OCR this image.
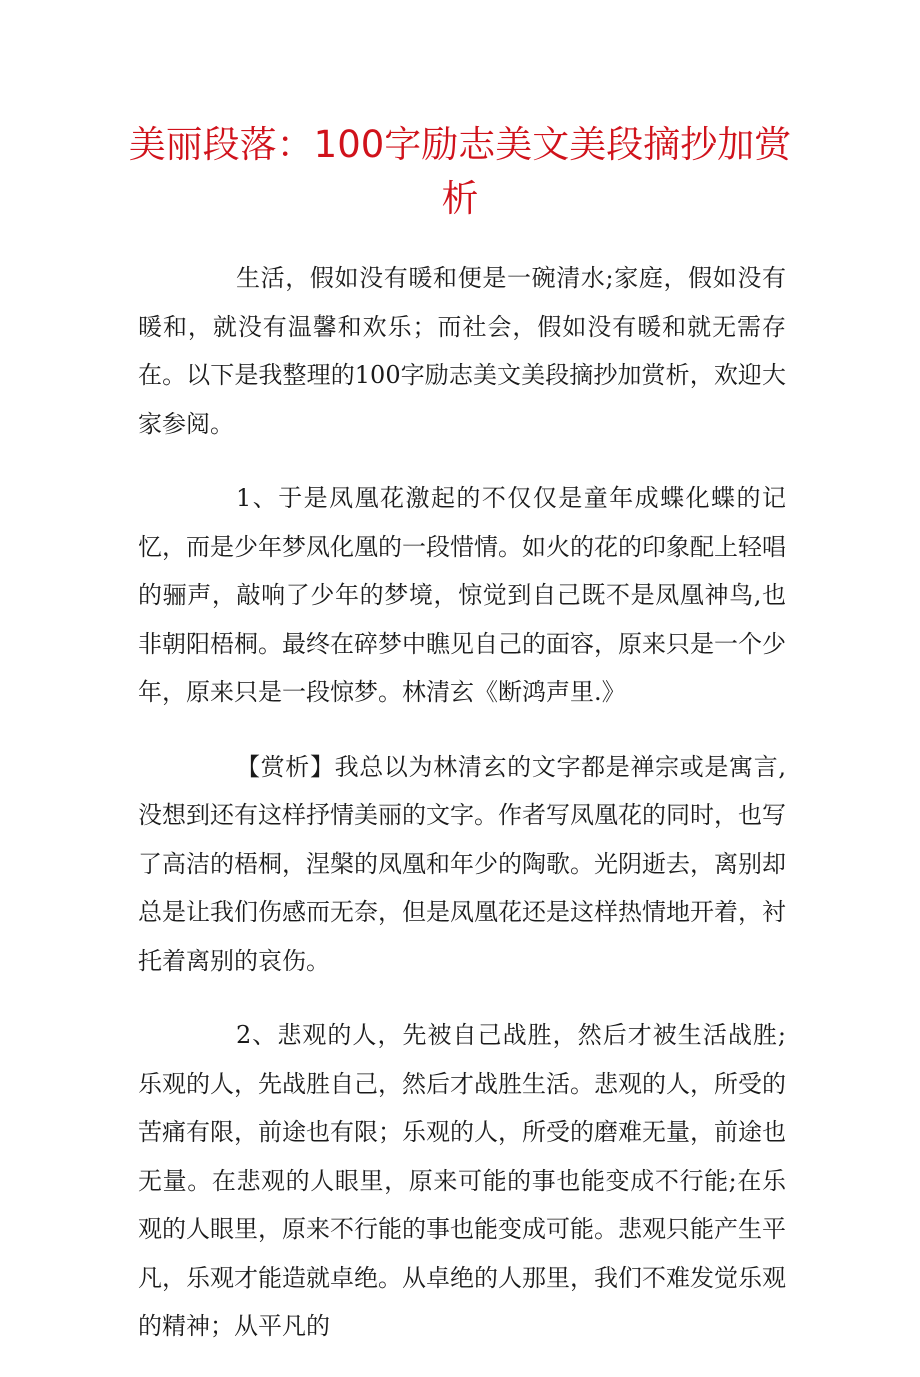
美丽段落：100字励志美文美段摘抄加赏析

生活，假如没有暖和便是一碗清水;家庭，假如没有暖和，就没有温馨和欢乐；而社会，假如没有暖和就无需存在。以下是我整理的100字励志美文美段摘抄加赏析，欢迎大家参阅。

1、于是凤凰花激起的不仅仅是童年成蝶化蝶的记忆，而是少年梦凤化凰的一段惜情。如火的花的印象配上轻唱的骊声，敲响了少年的梦境，惊觉到自己既不是凤凰神鸟,也非朝阳梧桐。最终在碎梦中瞧见自己的面容，原来只是一个少年，原来只是一段惊梦。林清玄《断鸿声里.》

【赏析】我总以为林清玄的文字都是禅宗或是寓言,没想到还有这样抒情美丽的文字。作者写凤凰花的同时，也写了高洁的梧桐，涅槃的凤凰和年少的陶歌。光阴逝去，离别却总是让我们伤感而无奈，但是凤凰花还是这样热情地开着，衬托着离别的哀伤。

2、悲观的人，先被自己战胜，然后才被生活战胜;乐观的人，先战胜自己，然后才战胜生活。悲观的人，所受的苦痛有限，前途也有限；乐观的人，所受的磨难无量，前途也无量。在悲观的人眼里，原来可能的事也能变成不行能;在乐观的人眼里，原来不行能的事也能变成可能。悲观只能产生平凡，乐观才能造就卓绝。从卓绝的人那里，我们不难发觉乐观的精神；从平凡的
